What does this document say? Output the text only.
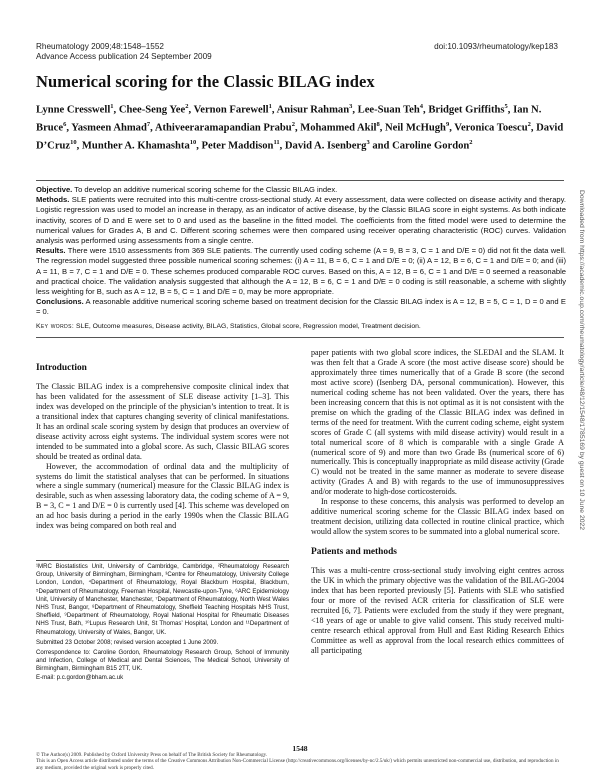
Rheumatology 2009;48:1548–1552
Advance Access publication 24 September 2009
doi:10.1093/rheumatology/kep183
Numerical scoring for the Classic BILAG index
Lynne Cresswell$^1$, Chee-Seng Yee$^2$, Vernon Farewell$^1$, Anisur Rahman$^3$, Lee-Suan Teh$^4$, Bridget Griffiths$^5$, Ian N. Bruce$^6$, Yasmeen Ahmad$^7$, Athiveeraramapandian Prabu$^2$, Mohammed Akil$^8$, Neil McHugh$^9$, Veronica Toescu$^2$, David D’Cruz$^{10}$, Munther A. Khamashta$^{10}$, Peter Maddison$^{11}$, David A. Isenberg$^3$ and Caroline Gordon$^2$

Objective. To develop an additive numerical scoring scheme for the Classic BILAG index.

Methods. SLE patients were recruited into this multi-centre cross-sectional study. At every assessment, data were collected on disease activity and therapy. Logistic regression was used to model an increase in therapy, as an indicator of active disease, by the Classic BILAG score in eight systems. As both indicate inactivity, scores of D and E were set to 0 and used as the baseline in the fitted model. The coefficients from the fitted model were used to determine the numerical values for Grades A, B and C. Different scoring schemes were then compared using receiver operating characteristic (ROC) curves. Validation analysis was performed using assessments from a single centre.

Results. There were 1510 assessments from 369 SLE patients. The currently used coding scheme (A = 9, B = 3, C = 1 and D/E = 0) did not fit the data well. The regression model suggested three possible numerical scoring schemes: (i) A = 11, B = 6, C = 1 and D/E = 0; (ii) A = 12, B = 6, C = 1 and D/E = 0; and (iii) A = 11, B = 7, C = 1 and D/E = 0. These schemes produced comparable ROC curves. Based on this, A = 12, B = 6, C = 1 and D/E = 0 seemed a reasonable and practical choice. The validation analysis suggested that although the A = 12, B = 6, C = 1 and D/E = 0 coding is still reasonable, a scheme with slightly less weighting for B, such as A = 12, B = 5, C = 1 and D/E = 0, may be more appropriate.

Conclusions. A reasonable additive numerical scoring scheme based on treatment decision for the Classic BILAG index is A = 12, B = 5, C = 1, D = 0 and E = 0.

Key words: SLE, Outcome measures, Disease activity, BILAG, Statistics, Global score, Regression model, Treatment decision.
Introduction

The Classic BILAG index is a comprehensive composite clinical index that has been validated for the assessment of SLE disease activity [1–3]. This index was developed on the principle of the physician’s intention to treat. It is a transitional index that captures changing severity of clinical manifestations. It has an ordinal scale scoring system by design that produces an overview of disease activity across eight systems. The individual system scores were not intended to be summated into a global score. As such, Classic BILAG scores should be treated as ordinal data.

However, the accommodation of ordinal data and the multiplicity of systems do limit the statistical analyses that can be performed. In situations where a single summary (numerical) measure for the Classic BILAG index is desirable, such as when assessing laboratory data, the coding scheme of A = 9, B = 3, C = 1 and D/E = 0 is currently used [4]. This scheme was developed on an ad hoc basis during a period in the early 1990s when the Classic BILAG index was being compared on both real and

¹MRC Biostatistics Unit, University of Cambridge, Cambridge, ²Rheumatology Research Group, University of Birmingham, Birmingham, ³Centre for Rheumatology, University College London, London, ⁴Department of Rheumatology, Royal Blackburn Hospital, Blackburn, ⁵Department of Rheumatology, Freeman Hospital, Newcastle-upon-Tyne, ⁶ARC Epidemiology Unit, University of Manchester, Manchester, ⁷Department of Rheumatology, North West Wales NHS Trust, Bangor, ⁸Department of Rheumatology, Sheffield Teaching Hospitals NHS Trust, Sheffield, ⁹Department of Rheumatology, Royal National Hospital for Rheumatic Diseases NHS Trust, Bath, ¹⁰Lupus Research Unit, St Thomas’ Hospital, London and ¹¹Department of Rheumatology, University of Wales, Bangor, UK.

Submitted 23 October 2008; revised version accepted 1 June 2009.

Correspondence to: Caroline Gordon, Rheumatology Research Group, School of Immunity and Infection, College of Medical and Dental Sciences, The Medical School, University of Birmingham, Birmingham B15 2TT, UK.
E-mail: p.c.gordon@bham.ac.uk

paper patients with two global score indices, the SLEDAI and the SLAM. It was then felt that a Grade A score (the most active disease score) should be approximately three times numerically that of a Grade B score (the second most active score) (Isenberg DA, personal communication). However, this numerical coding scheme has not been validated. Over the years, there has been increasing concern that this is not optimal as it is not consistent with the premise on which the grading of the Classic BILAG index was defined in terms of the need for treatment. With the current coding scheme, eight system scores of Grade C (all systems with mild disease activity) would result in a total numerical score of 8 which is comparable with a single Grade A (numerical score of 9) and more than two Grade Bs (numerical score of 6) numerically. This is conceptually inappropriate as mild disease activity (Grade C) would not be treated in the same manner as moderate to severe disease activity (Grades A and B) with regards to the use of immunosuppressives and/or moderate to high-dose corticosteroids.

In response to these concerns, this analysis was performed to develop an additive numerical scoring scheme for the Classic BILAG index based on treatment decision, utilizing data collected in routine clinical practice, which would allow the system scores to be summated into a global numerical score.

Patients and methods

This was a multi-centre cross-sectional study involving eight centres across the UK in which the primary objective was the validation of the BILAG-2004 index that has been reported previously [5]. Patients with SLE who satisfied four or more of the revised ACR criteria for classification of SLE were recruited [6, 7]. Patients were excluded from the study if they were pregnant, <18 years of age or unable to give valid consent. This study received multi-centre research ethical approval from Hull and East Riding Research Ethics Committee as well as approval from the local research ethics committees of all participating

1548
© The Author(s) 2009. Published by Oxford University Press on behalf of The British Society for Rheumatology.
This is an Open Access article distributed under the terms of the Creative Commons Attribution Non-Commercial License (http://creativecommons.org/licenses/by-nc/2.5/uk/) which permits unrestricted non-commercial use, distribution, and reproduction in any medium, provided the original work is properly cited.
Downloaded from https://academic.oup.com/rheumatology/article/48/12/1548/1785169 by guest on 10 June 2022
